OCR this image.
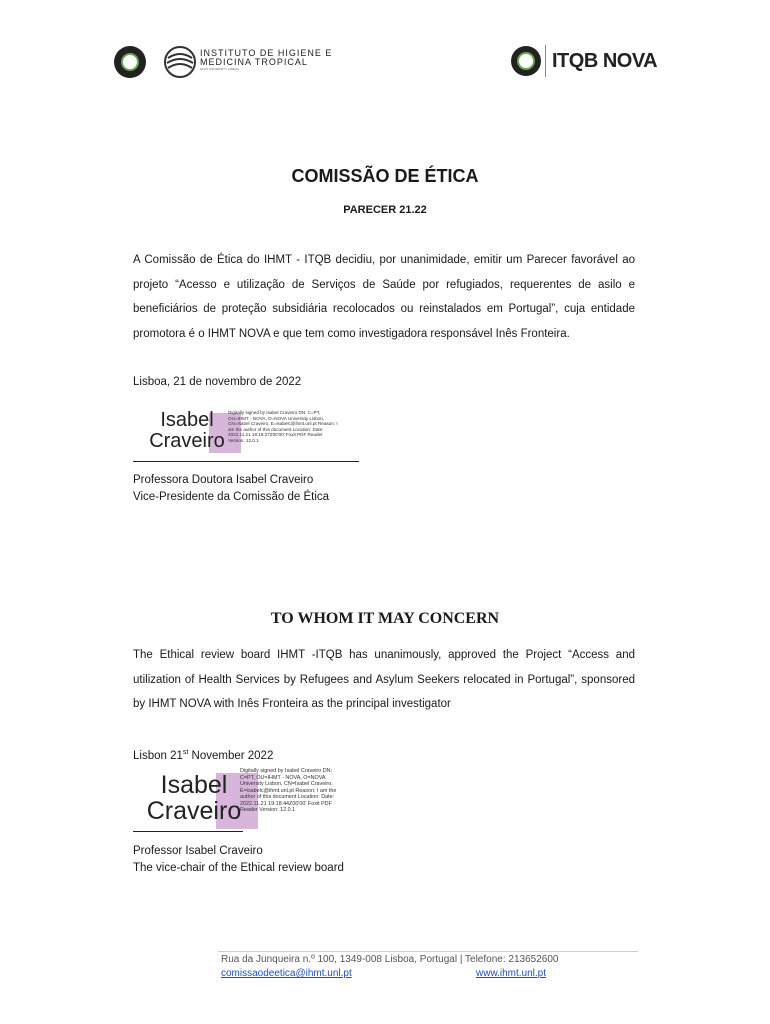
INSTITUTO DE HIGIENE E
MEDICINA TROPICAL
NOVA UNIVERSITY LISBON	ITQB NOVA
COMISSÃO DE ÉTICA
PARECER 21.22
A Comissão de Ética do IHMT - ITQB decidiu, por unanimidade, emitir um Parecer favorável ao projeto “Acesso e utilização de Serviços de Saúde por refugiados, requerentes de asilo e beneficiários de proteção subsidiária recolocados ou reinstalados em Portugal”, cuja entidade promotora é o IHMT NOVA e que tem como investigadora responsável Inês Fronteira.
Lisboa, 21 de novembro de 2022
Isabel
Craveiro
Digitally signed by Isabel Craveiro DN: C=PT, OU=IHMT - NOVA, O=NOVA University Lisbon, CN=Isabel Craveiro, E=isabelc@ihmt.unl.pt Reason: I am the author of this document Location: Date: 2022.11.21 19:18:27Z00'00' Foxit PDF Reader Version: 12.0.1
Professora Doutora Isabel Craveiro
Vice-Presidente da Comissão de Ética
TO WHOM IT MAY CONCERN
The Ethical review board IHMT -ITQB has unanimously, approved the Project “Access and utilization of Health Services by Refugees and Asylum Seekers relocated in Portugal”, sponsored by IHMT NOVA with Inês Fronteira as the principal investigator
Lisbon 21st November 2022
Isabel
Craveiro
Digitally signed by Isabel Craveiro DN: C=PT, OU=IHMT - NOVA, O=NOVA University Lisbon, CN=Isabel Craveiro, E=isabelc@ihmt.unl.pt Reason: I am the author of this document Location: Date: 2022.11.21 19:18:44Z00'00' Foxit PDF Reader Version: 12.0.1
Professor Isabel Craveiro
The vice-chair of the Ethical review board
Rua da Junqueira n.º 100, 1349-008 Lisboa, Portugal | Telefone: 213652600
comissaodeetica@ihmt.unl.pt	www.ihmt.unl.pt
